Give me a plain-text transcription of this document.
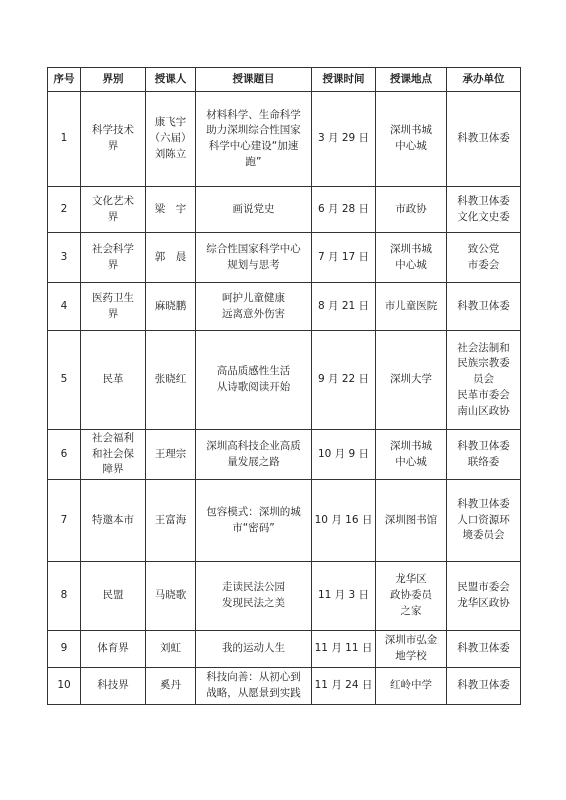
序号	界别	授课人	授课题目	授课时间	授课地点	承办单位
1	科学技术
界	康飞宇
（六届）
刘陈立	材料科学、生命科学
助力深圳综合性国家
科学中心建设“加速
跑”	3 月 29 日	深圳书城
中心城	科教卫体委
2	文化艺术
界	梁　宇	画说党史	6 月 28 日	市政协	科教卫体委
文化文史委
3	社会科学
界	郭　晨	综合性国家科学中心
规划与思考	7 月 17 日	深圳书城
中心城	致公党
市委会
4	医药卫生
界	麻晓鹏	呵护儿童健康
远离意外伤害	8 月 21 日	市儿童医院	科教卫体委
5	民革	张晓红	高品质感性生活
从诗歌阅读开始	9 月 22 日	深圳大学	社会法制和
民族宗教委
员会
民革市委会
南山区政协
6	社会福利
和社会保
障界	王理宗	深圳高科技企业高质
量发展之路	10 月 9 日	深圳书城
中心城	科教卫体委
联络委
7	特邀本市	王富海	包容模式：深圳的城
市“密码”	10 月 16 日	深圳图书馆	科教卫体委
人口资源环
境委员会
8	民盟	马晓歌	走读民法公园
发现民法之美	11 月 3 日	龙华区
政协委员
之家	民盟市委会
龙华区政协
9	体育界	刘虹	我的运动人生	11 月 11 日	深圳市弘金
地学校	科教卫体委
10	科技界	奚丹	科技向善：从初心到
战略，从愿景到实践	11 月 24 日	红岭中学	科教卫体委
